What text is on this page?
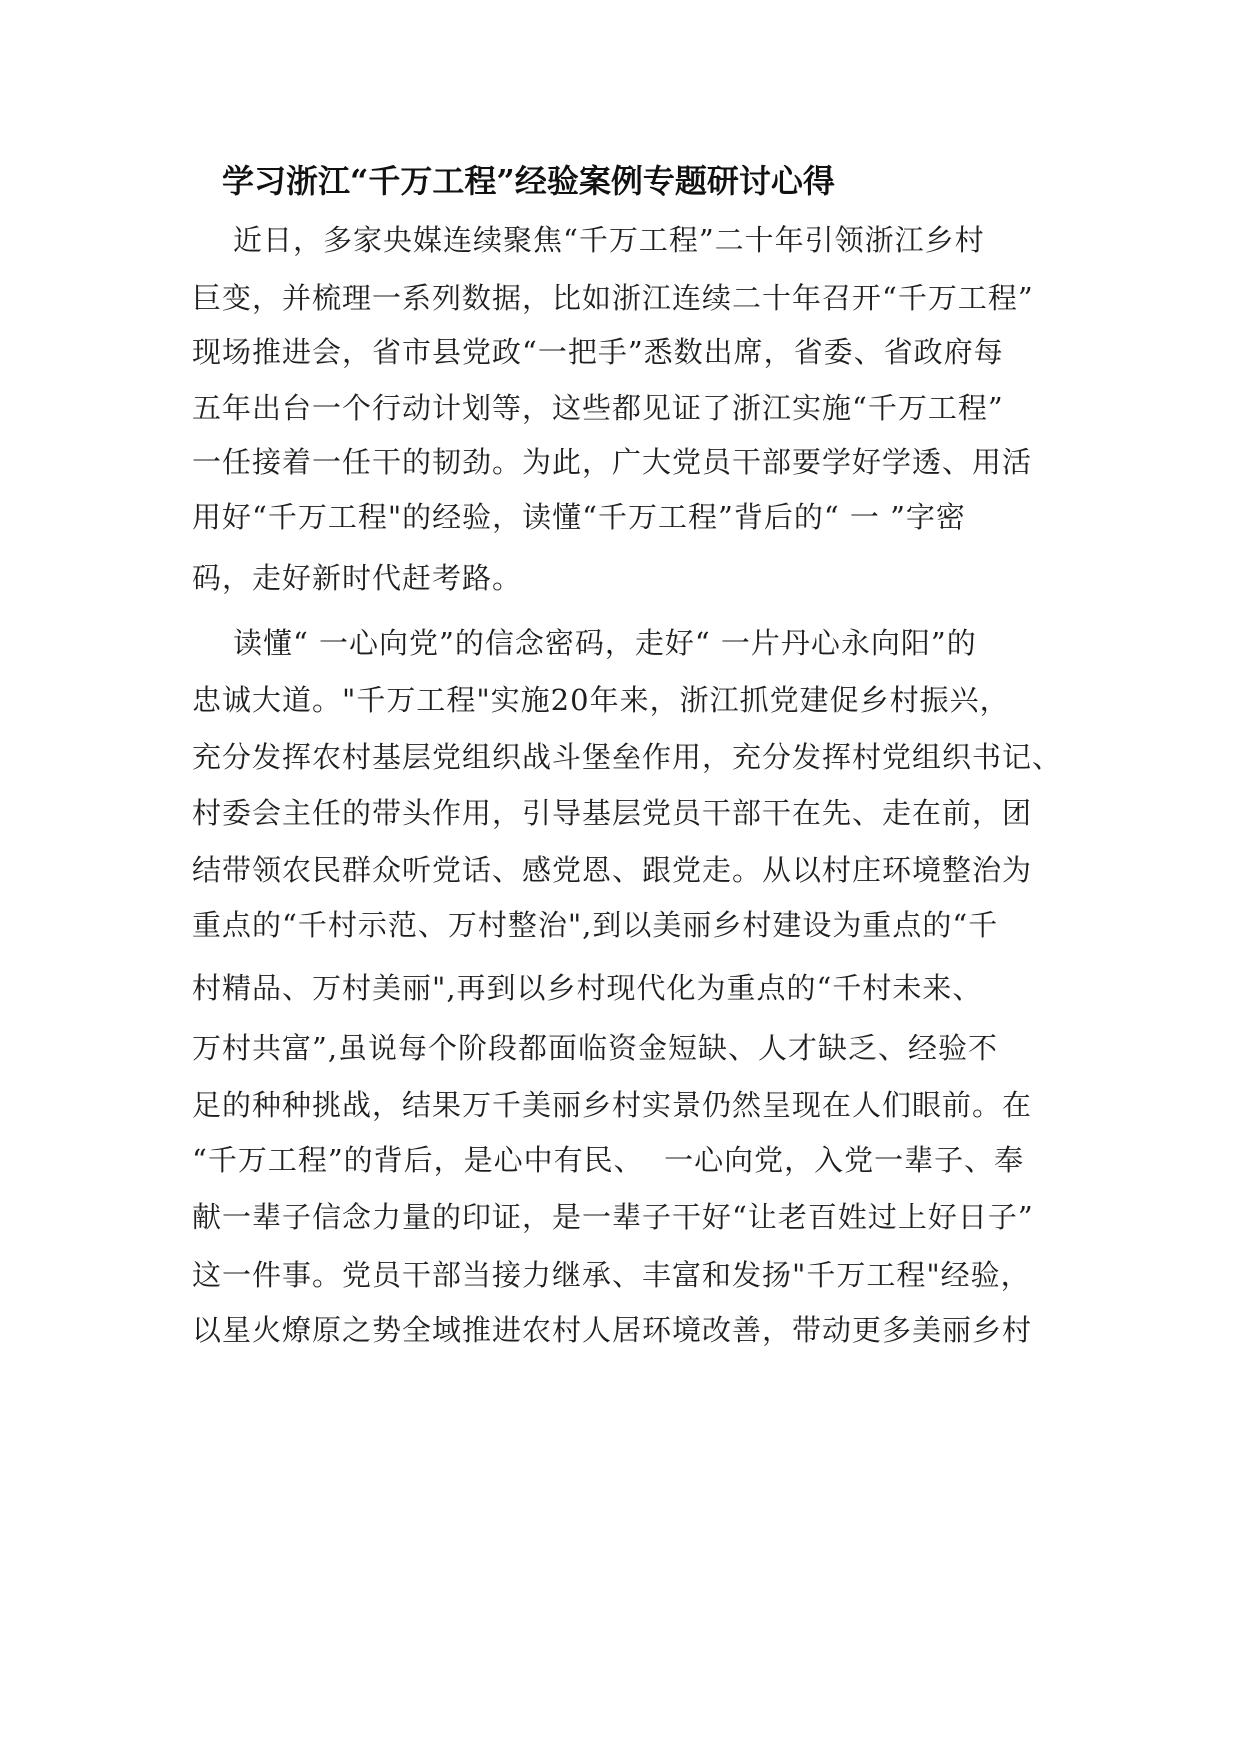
学习浙江“千万工程”经验案例专题研讨心得
近日，多家央媒连续聚焦“千万工程”二十年引领浙江乡村
巨变，并梳理一系列数据，比如浙江连续二十年召开“千万工程”
现场推进会，省市县党政“一把手”悉数出席，省委、省政府每
五年出台一个行动计划等，这些都见证了浙江实施“千万工程”
一任接着一任干的韧劲。为此，广大党员干部要学好学透、用活
用好“千万工程"的经验，读懂“千万工程”背后的“ 一 ”字密
码，走好新时代赶考路。
读懂“ 一心向党”的信念密码，走好“ 一片丹心永向阳”的
忠诚大道。"千万工程"实施20年来，浙江抓党建促乡村振兴，
充分发挥农村基层党组织战斗堡垒作用，充分发挥村党组织书记、
村委会主任的带头作用，引导基层党员干部干在先、走在前，团
结带领农民群众听党话、感党恩、跟党走。从以村庄环境整治为
重点的“千村示范、万村整治",到以美丽乡村建设为重点的“千
村精品、万村美丽",再到以乡村现代化为重点的“千村未来、
万村共富”,虽说每个阶段都面临资金短缺、人才缺乏、经验不
足的种种挑战，结果万千美丽乡村实景仍然呈现在人们眼前。在
“千万工程”的背后，是心中有民、  一心向党，入党一辈子、奉
献一辈子信念力量的印证，是一辈子干好“让老百姓过上好日子”
这一件事。党员干部当接力继承、丰富和发扬"千万工程"经验，
以星火燎原之势全域推进农村人居环境改善，带动更多美丽乡村
